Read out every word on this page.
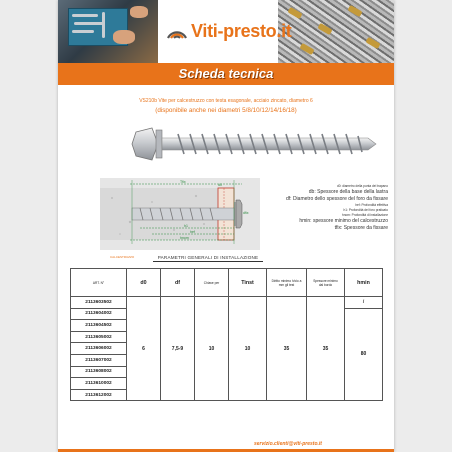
Viti-presto.it
Scheda tecnica
VS210b Vite per calcestruzzo con testa esagonale, acciaio zincato, diametro 6
(disponibile anche nei diametri 5/8/10/12/14/16/18)
Tfix
h1
hef
hnom
d0
dfix
CALCESTRUZZO
d0: diametro della punta del trapano
db: Spessore della base della lastra
df: Diametro dello spessore del foro da fissare
hef: Profondità effettiva
h1: Profondità del foro praticato
hnom: Profondità di installazione
hmin: spessore minimo del calcestruzzo
tfix: Spessore da fissare
PARAMETRI GENERALI DI INSTALLAZIONE
ART. N°	d0	df	Chiave per	Tinst	Diritto minimo h/cio a
mm gil test	Spessore minimo
dal bordo	hmin

2113603502	6	7,5-9	10	10	35	35	/
2113604002							80
2113604502							
2113605002							
2113606002							
2113607002							
2113608002							
2113610002							
2113612002							
servizio.clienti@viti-presto.it
